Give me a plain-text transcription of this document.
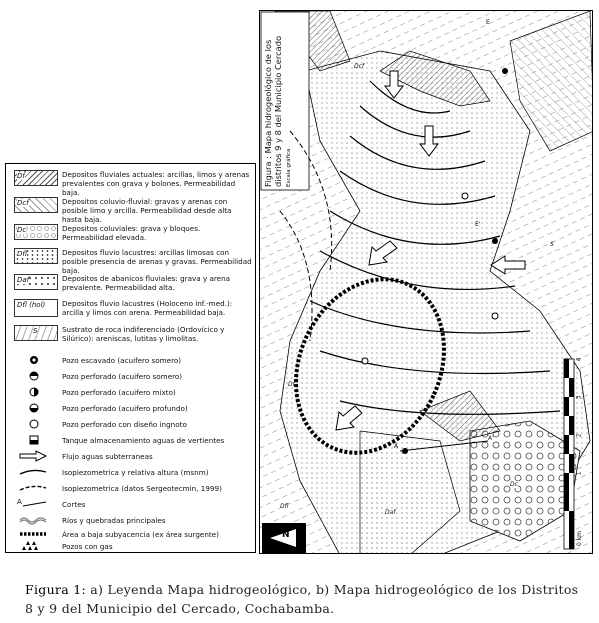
Df	Depositos fluviales actuales: arcillas, limos y arenas prevalentes con grava y bolones. Permeabilidad baja.
Dcf	Depositos coluvio-fluvial: gravas y arenas con posible limo y arcilla. Permeabilidad desde alta hasta baja.
Dc	Depositos coluviales: grava y bloques. Permeabilidad elevada.
Dfl	Depositos fluvio lacustres: arcillas limosas con posible presencia de arenas y gravas. Permeabilidad baja.
Daf	Depositos de abanicos fluviales: grava y arena prevalente. Permeabilidad alta.
Dfl (hol) Depositos fluvio lacustres (Holoceno inf.-med.): arcilla y limos con arena. Permeabilidad baja.
S	Sustrato de roca indiferenciado (Ordovícico y Silúrico): areniscas, lutitas y limolitas.
Pozo escavado (acuifero somero)
Pozo perforado (acuifero somero)
Pozo perforado (acuifero mixto)
Pozo perforado (acuifero profundo)
Pozo perforado con diseño ingnoto
Tanque almacenamiento aguas de vertientes
Flujo aguas subterraneas
Isopiezometrica y relativa altura (msnm)
Isopiezometrica (datos Sergeotecmin, 1999)
A	Cortes
Ríos y quebradas principales
Área a baja subyacencia (ex área surgente)
Pozos con gas
Figura : Mapa hidrogeológico de los distritos 9 y 8 del Municipio Cercado Escala gráfica
N
4
3
2
1
0 km
Df
Dcf
Dc
Dfl
Daf
S
E
E'
A
A'
Figura 1: a) Leyenda Mapa hidrogeológico, b) Mapa hidrogeológico de los Distritos 8 y 9 del Municipio del Cercado, Cochabamba.
